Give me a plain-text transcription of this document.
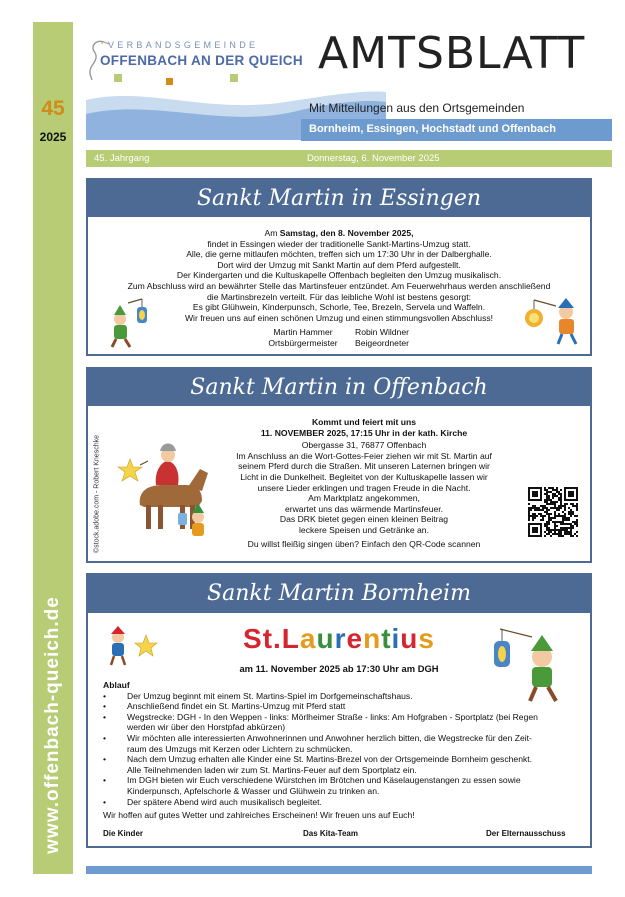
45
2025
www.offenbach-queich.de
VERBANDSGEMEINDE
OFFENBACH AN DER QUEICH AMTSBLATT
Mit Mitteilungen aus den Ortsgemeinden
Bornheim, Essingen, Hochstadt und Offenbach
45. Jahrgang	Donnerstag, 6. November 2025
Sankt Martin in Essingen
Am Samstag, den 8. November 2025,
findet in Essingen wieder der traditionelle Sankt-Martins-Umzug statt.
Alle, die gerne mitlaufen möchten, treffen sich um 17:30 Uhr in der Dalberghalle.
Dort wird der Umzug mit Sankt Martin auf dem Pferd aufgestellt.
Der Kindergarten und die Kultuskapelle Offenbach begleiten den Umzug musikalisch.
Zum Abschluss wird an bewährter Stelle das Martinsfeuer entzündet. Am Feuerwehrhaus werden anschließend
die Martinsbrezeln verteilt. Für das leibliche Wohl ist bestens gesorgt:
Es gibt Glühwein, Kinderpunsch, Schorle, Tee, Brezeln, Servela und Waffeln.
Wir freuen uns auf einen schönen Umzug und einen stimmungsvollen Abschluss!
Martin Hammer
Ortsbürgermeister
Robin Wildner
Beigeordneter
Sankt Martin in Offenbach
©stock.adobe.com - Robert Kneschke
Kommt und feiert mit uns
11. NOVEMBER 2025, 17:15 Uhr in der kath. Kirche
Obergasse 31, 76877 Offenbach
Im Anschluss an die Wort-Gottes-Feier ziehen wir mit St. Martin auf
seinem Pferd durch die Straßen. Mit unseren Laternen bringen wir
Licht in die Dunkelheit. Begleitet von der Kultuskapelle lassen wir
unsere Lieder erklingen und tragen Freude in die Nacht.
Am Marktplatz angekommen,
erwartet uns das wärmende Martinsfeuer.
Das DRK bietet gegen einen kleinen Beitrag
leckere Speisen und Getränke an.
Du willst fleißig singen üben? Einfach den QR-Code scannen
Sankt Martin Bornheim
St.Laurentius
am 11. November 2025 ab 17:30 Uhr am DGH
Ablauf
• Der Umzug beginnt mit einem St. Martins-Spiel im Dorfgemeinschaftshaus.
• Anschließend findet ein St. Martins-Umzug mit Pferd statt
• Wegstrecke: DGH - In den Weppen - links: Mörlheimer Straße - links: Am Hofgraben - Sportplatz (bei Regen
werden wir über den Horstpfad abkürzen)
• Wir möchten alle interessierten Anwohnerinnen und Anwohner herzlich bitten, die Wegstrecke für den Zeit-
raum des Umzugs mit Kerzen oder Lichtern zu schmücken.
• Nach dem Umzug erhalten alle Kinder eine St. Martins-Brezel von der Ortsgemeinde Bornheim geschenkt.
Alle Teilnehmenden laden wir zum St. Martins-Feuer auf dem Sportplatz ein.
• Im DGH bieten wir Euch verschiedene Würstchen im Brötchen und Käselaugenstangen zu essen sowie
Kinderpunsch, Apfelschorle & Wasser und Glühwein zu trinken an.
• Der spätere Abend wird auch musikalisch begleitet.
Wir hoffen auf gutes Wetter und zahlreiches Erscheinen! Wir freuen uns auf Euch!
Die Kinder	Das Kita-Team	Der Elternausschuss
